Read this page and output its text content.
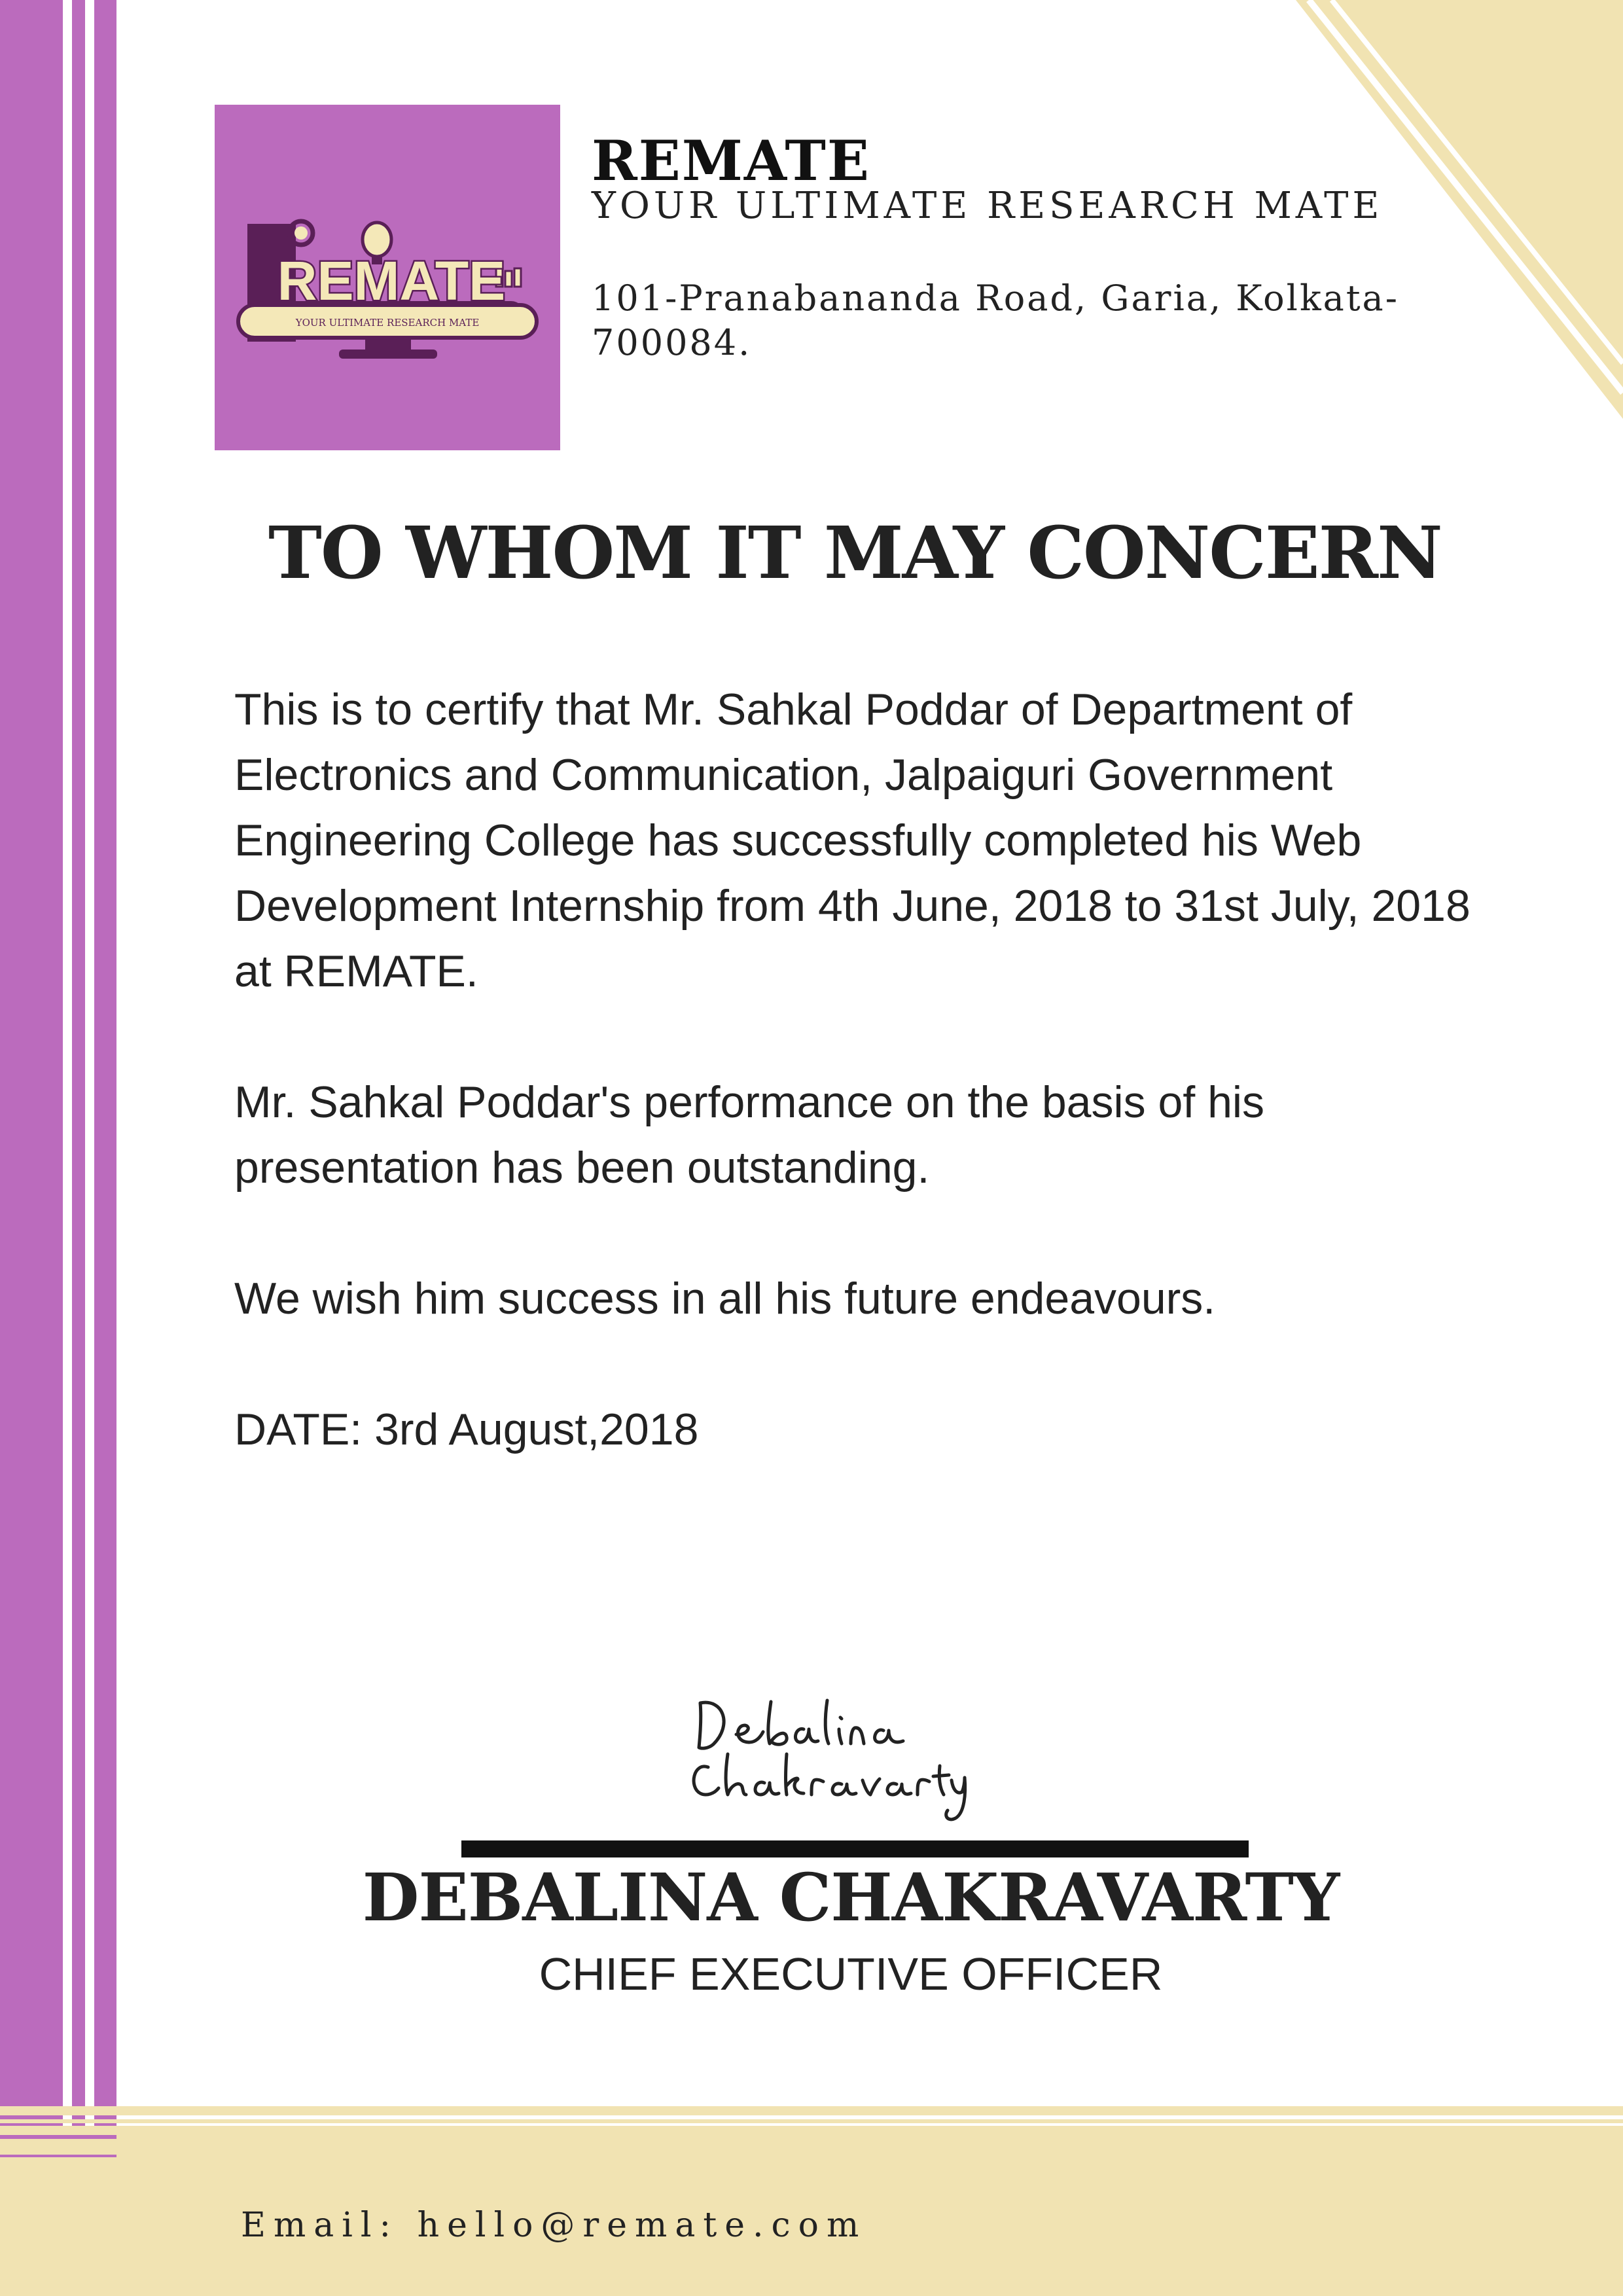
REMATE
YOUR ULTIMATE RESEARCH MATE
REMATE
YOUR ULTIMATE RESEARCH MATE
101-Pranabananda Road, Garia, Kolkata-700084.
TO WHOM IT MAY CONCERN
This is to certify that Mr. Sahkal Poddar of Department of Electronics and Communication, Jalpaiguri Government Engineering College has successfully completed his Web Development Internship from 4th June, 2018 to 31st July, 2018 at REMATE.
Mr. Sahkal Poddar's performance on the basis of his presentation has been outstanding.
We wish him success in all his future endeavours.
DATE: 3rd August,2018
DEBALINA CHAKRAVARTY
CHIEF EXECUTIVE OFFICER
Email: hello@remate.com
